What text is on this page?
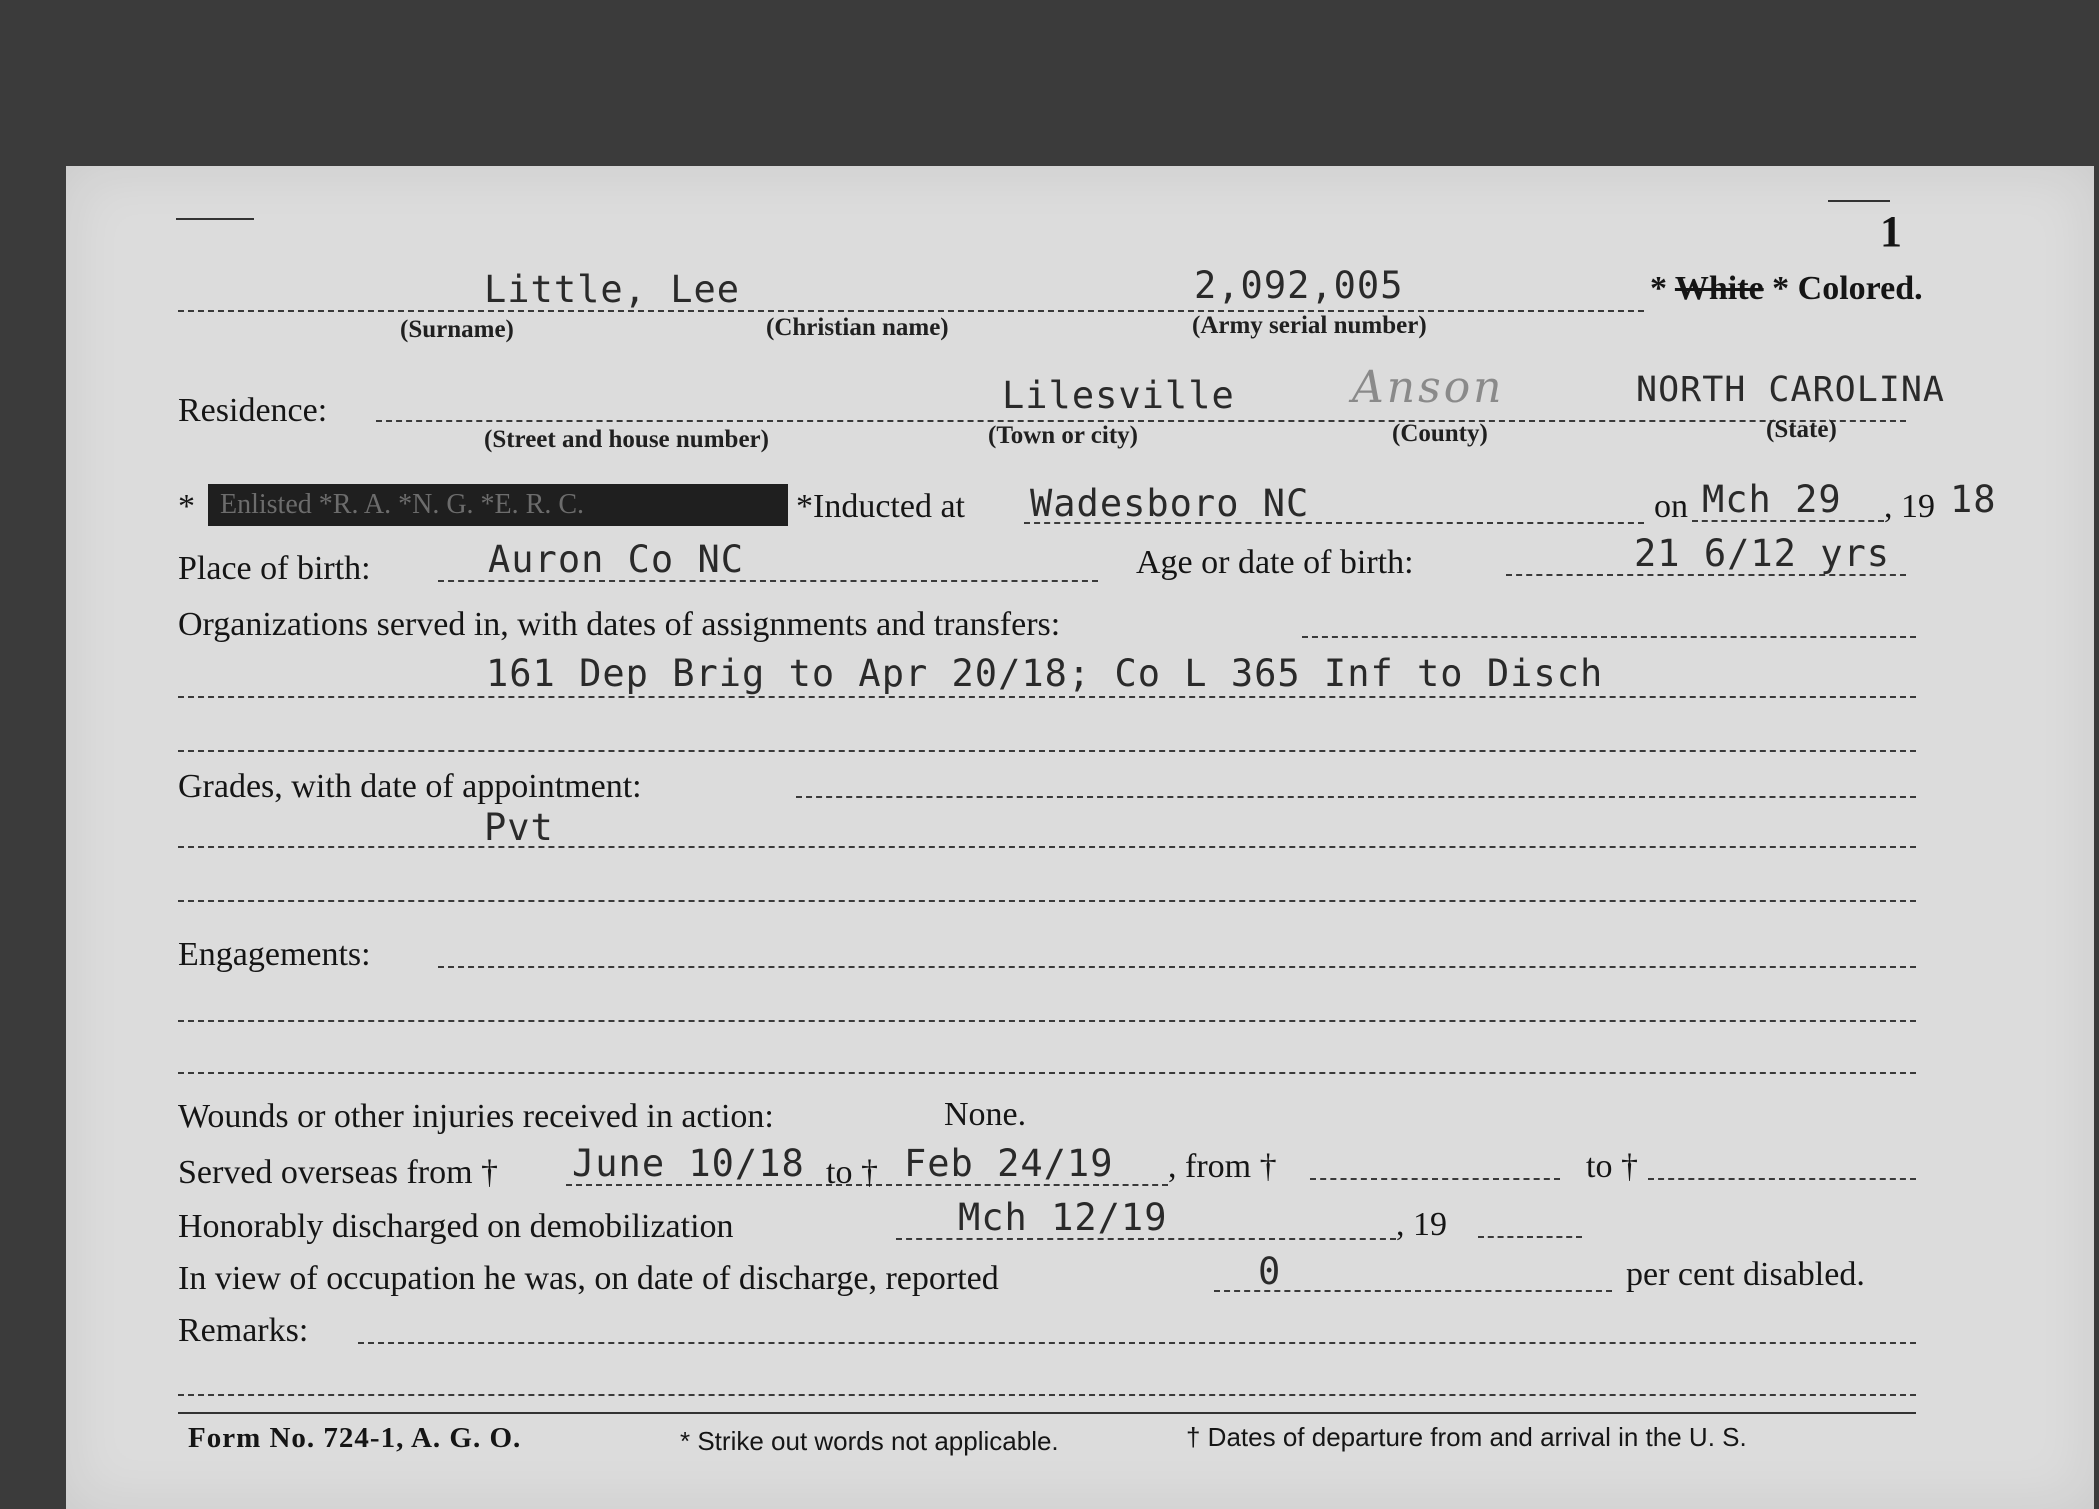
1
Little, Lee	2,092,005	* White * Colored.
(Surname)	(Christian name)	(Army serial number)
Residence:	Lilesville	Anson	NORTH CAROLINA
(Street and house number)	(Town or city)	(County)	(State)
* Enlisted *R. A. *N. G. *E. R. C.	*Inducted at Wadesboro NC	on Mch 29 , 19 18
Place of birth:	Auron Co NC	Age or date of birth:	21 6/12 yrs
Organizations served in, with dates of assignments and transfers:
161 Dep Brig to Apr 20/18; Co L 365 Inf to Disch
Grades, with date of appointment:
Pvt
Engagements:
Wounds or other injuries received in action:	None.
Served overseas from † June 10/18 to † Feb 24/19 , from †	to †
Honorably discharged on demobilization	Mch 12/19	, 19
In view of occupation he was, on date of discharge, reported	0	per cent disabled.
Remarks:
Form No. 724-1, A. G. O.	* Strike out words not applicable.	† Dates of departure from and arrival in the U. S.
